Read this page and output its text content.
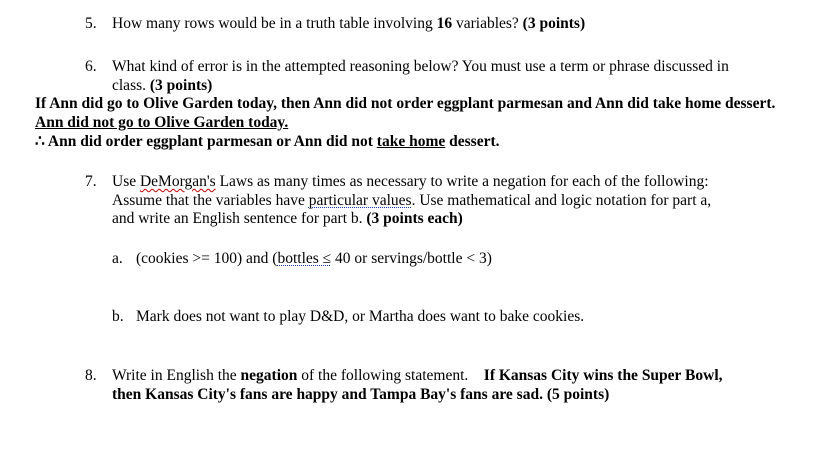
5. How many rows would be in a truth table involving 16 variables? (3 points)
6. What kind of error is in the attempted reasoning below? You must use a term or phrase discussed in
class. (3 points)
If Ann did go to Olive Garden today, then Ann did not order eggplant parmesan and Ann did take home dessert.
Ann did not go to Olive Garden today.
∴ Ann did order eggplant parmesan or Ann did not take home dessert.
7. Use DeMorgan's Laws as many times as necessary to write a negation for each of the following:
Assume that the variables have particular values. Use mathematical and logic notation for part a,
and write an English sentence for part b. (3 points each)
a. (cookies >= 100) and (bottles ≤ 40 or servings/bottle < 3)
b. Mark does not want to play D&D, or Martha does want to bake cookies.
8. Write in English the negation of the following statement.    If Kansas City wins the Super Bowl,
then Kansas City's fans are happy and Tampa Bay's fans are sad. (5 points)
